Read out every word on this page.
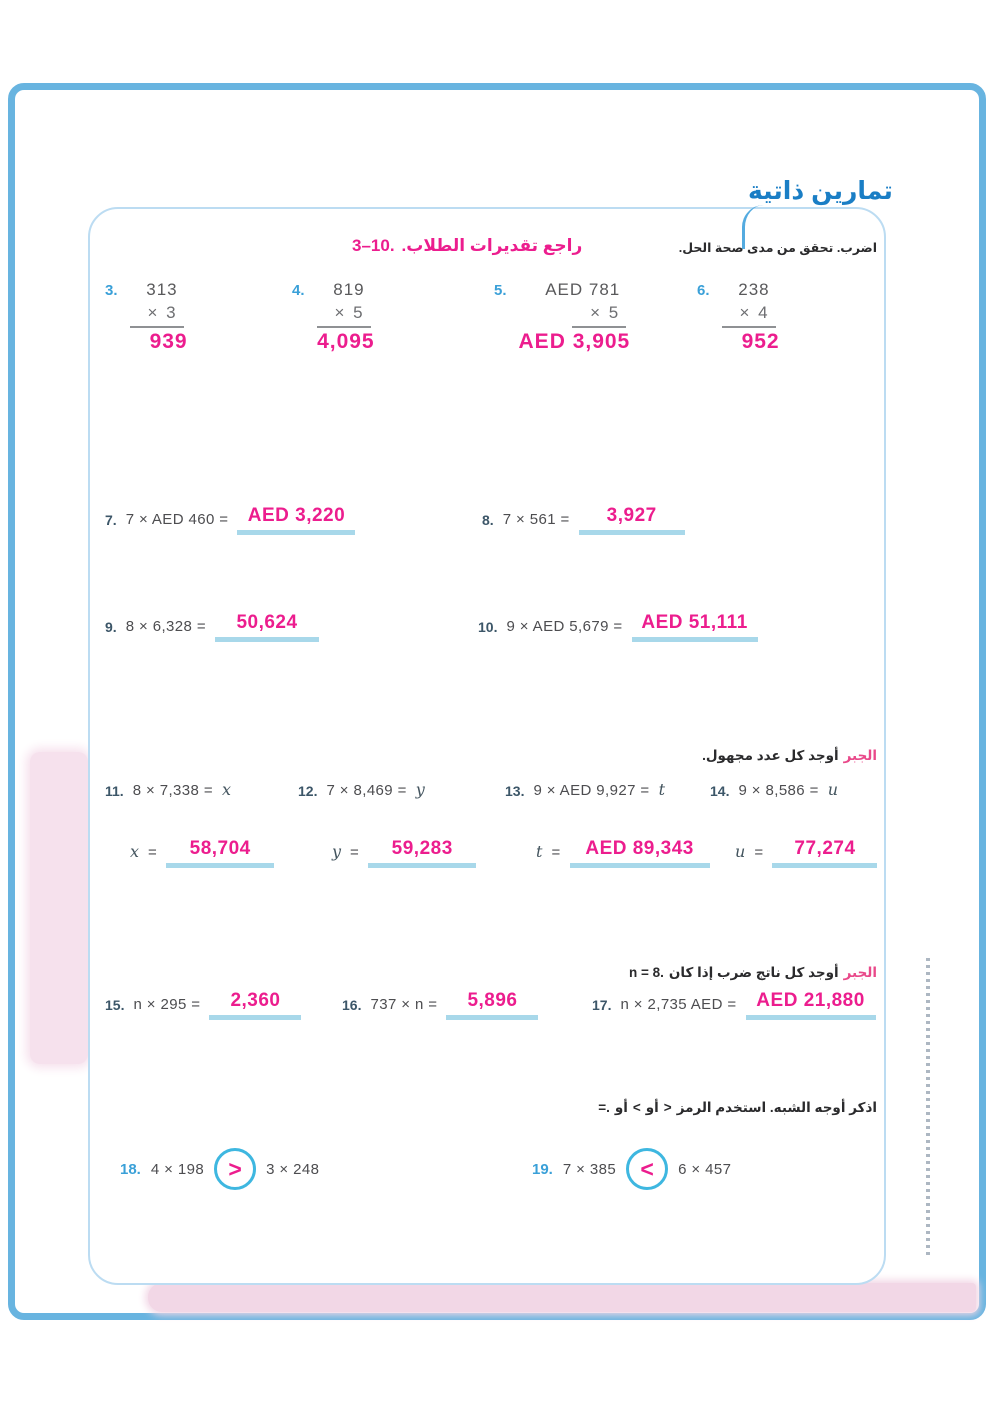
تمارين ذاتية
اضرب. تحقق من مدى صحة الحل.
3–10. راجع تقديرات الطلاب.
3. 313
× 3
939
4. 819
× 5
4,095
5. AED 781
× 5
AED 3,905
6. 238
× 4
952
7. 7 × AED 460 =	AED 3,220	8. 7 × 561 =	3,927
9. 8 × 6,328 =	50,624	10. 9 × AED 5,679 = AED 51,111
الجبر
أوجد كل عدد مجهول.
11. 8 × 7,338 = x	12. 7 × 8,469 = y	13. 9 × AED 9,927 = t	14. 9 × 8,586 = u
x =	58,704	y =	59,283	t =	AED 89,343	u =	77,274
الجبر
أوجد كل ناتج ضرب إذا كان
n = 8.
15. n × 295 =	2,360	16. 737 × n =	5,896	17. n × 2,735 AED =	AED 21,880
اذكر أوجه الشبه. استخدم الرمز
>
أو
<
أو
=.
18. 4 × 198 > 3 × 248	19. 7 × 385 < 6 × 457
